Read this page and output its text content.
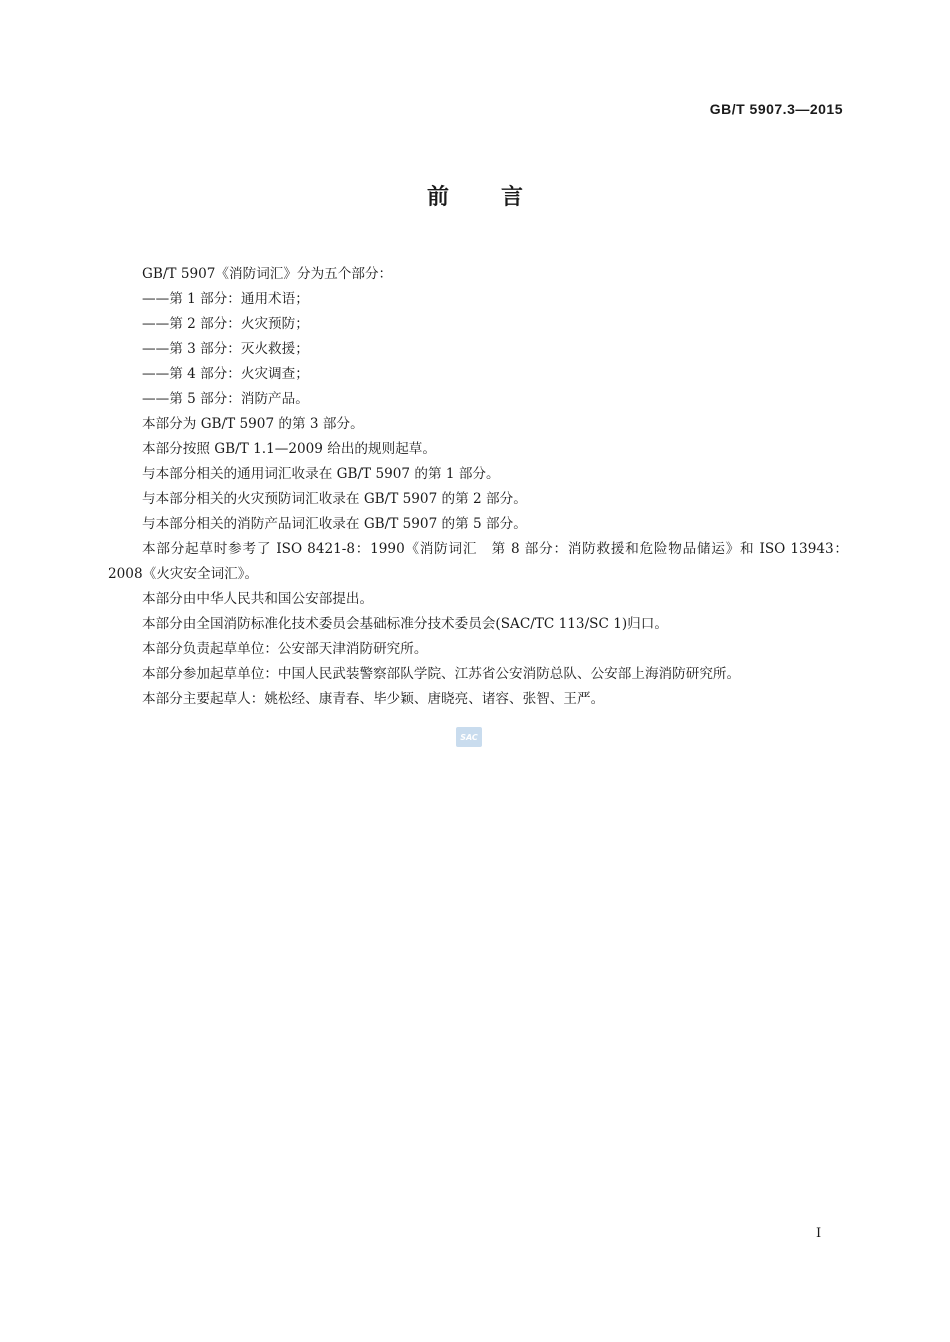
GB/T 5907.3—2015
前 言

GB/T 5907《消防词汇》分为五个部分：

——第 1 部分：通用术语；

——第 2 部分：火灾预防；

——第 3 部分：灭火救援；

——第 4 部分：火灾调查；

——第 5 部分：消防产品。

本部分为 GB/T 5907 的第 3 部分。

本部分按照 GB/T 1.1—2009 给出的规则起草。

与本部分相关的通用词汇收录在 GB/T 5907 的第 1 部分。

与本部分相关的火灾预防词汇收录在 GB/T 5907 的第 2 部分。

与本部分相关的消防产品词汇收录在 GB/T 5907 的第 5 部分。

本部分起草时参考了 ISO 8421-8：1990《消防词汇　第 8 部分：消防救援和危险物品储运》和 ISO 13943：2008《火灾安全词汇》。

本部分由中华人民共和国公安部提出。

本部分由全国消防标准化技术委员会基础标准分技术委员会(SAC/TC 113/SC 1)归口。

本部分负责起草单位：公安部天津消防研究所。

本部分参加起草单位：中国人民武装警察部队学院、江苏省公安消防总队、公安部上海消防研究所。

本部分主要起草人：姚松经、康青春、毕少颖、唐晓亮、诸容、张智、王严。

SAC
I
